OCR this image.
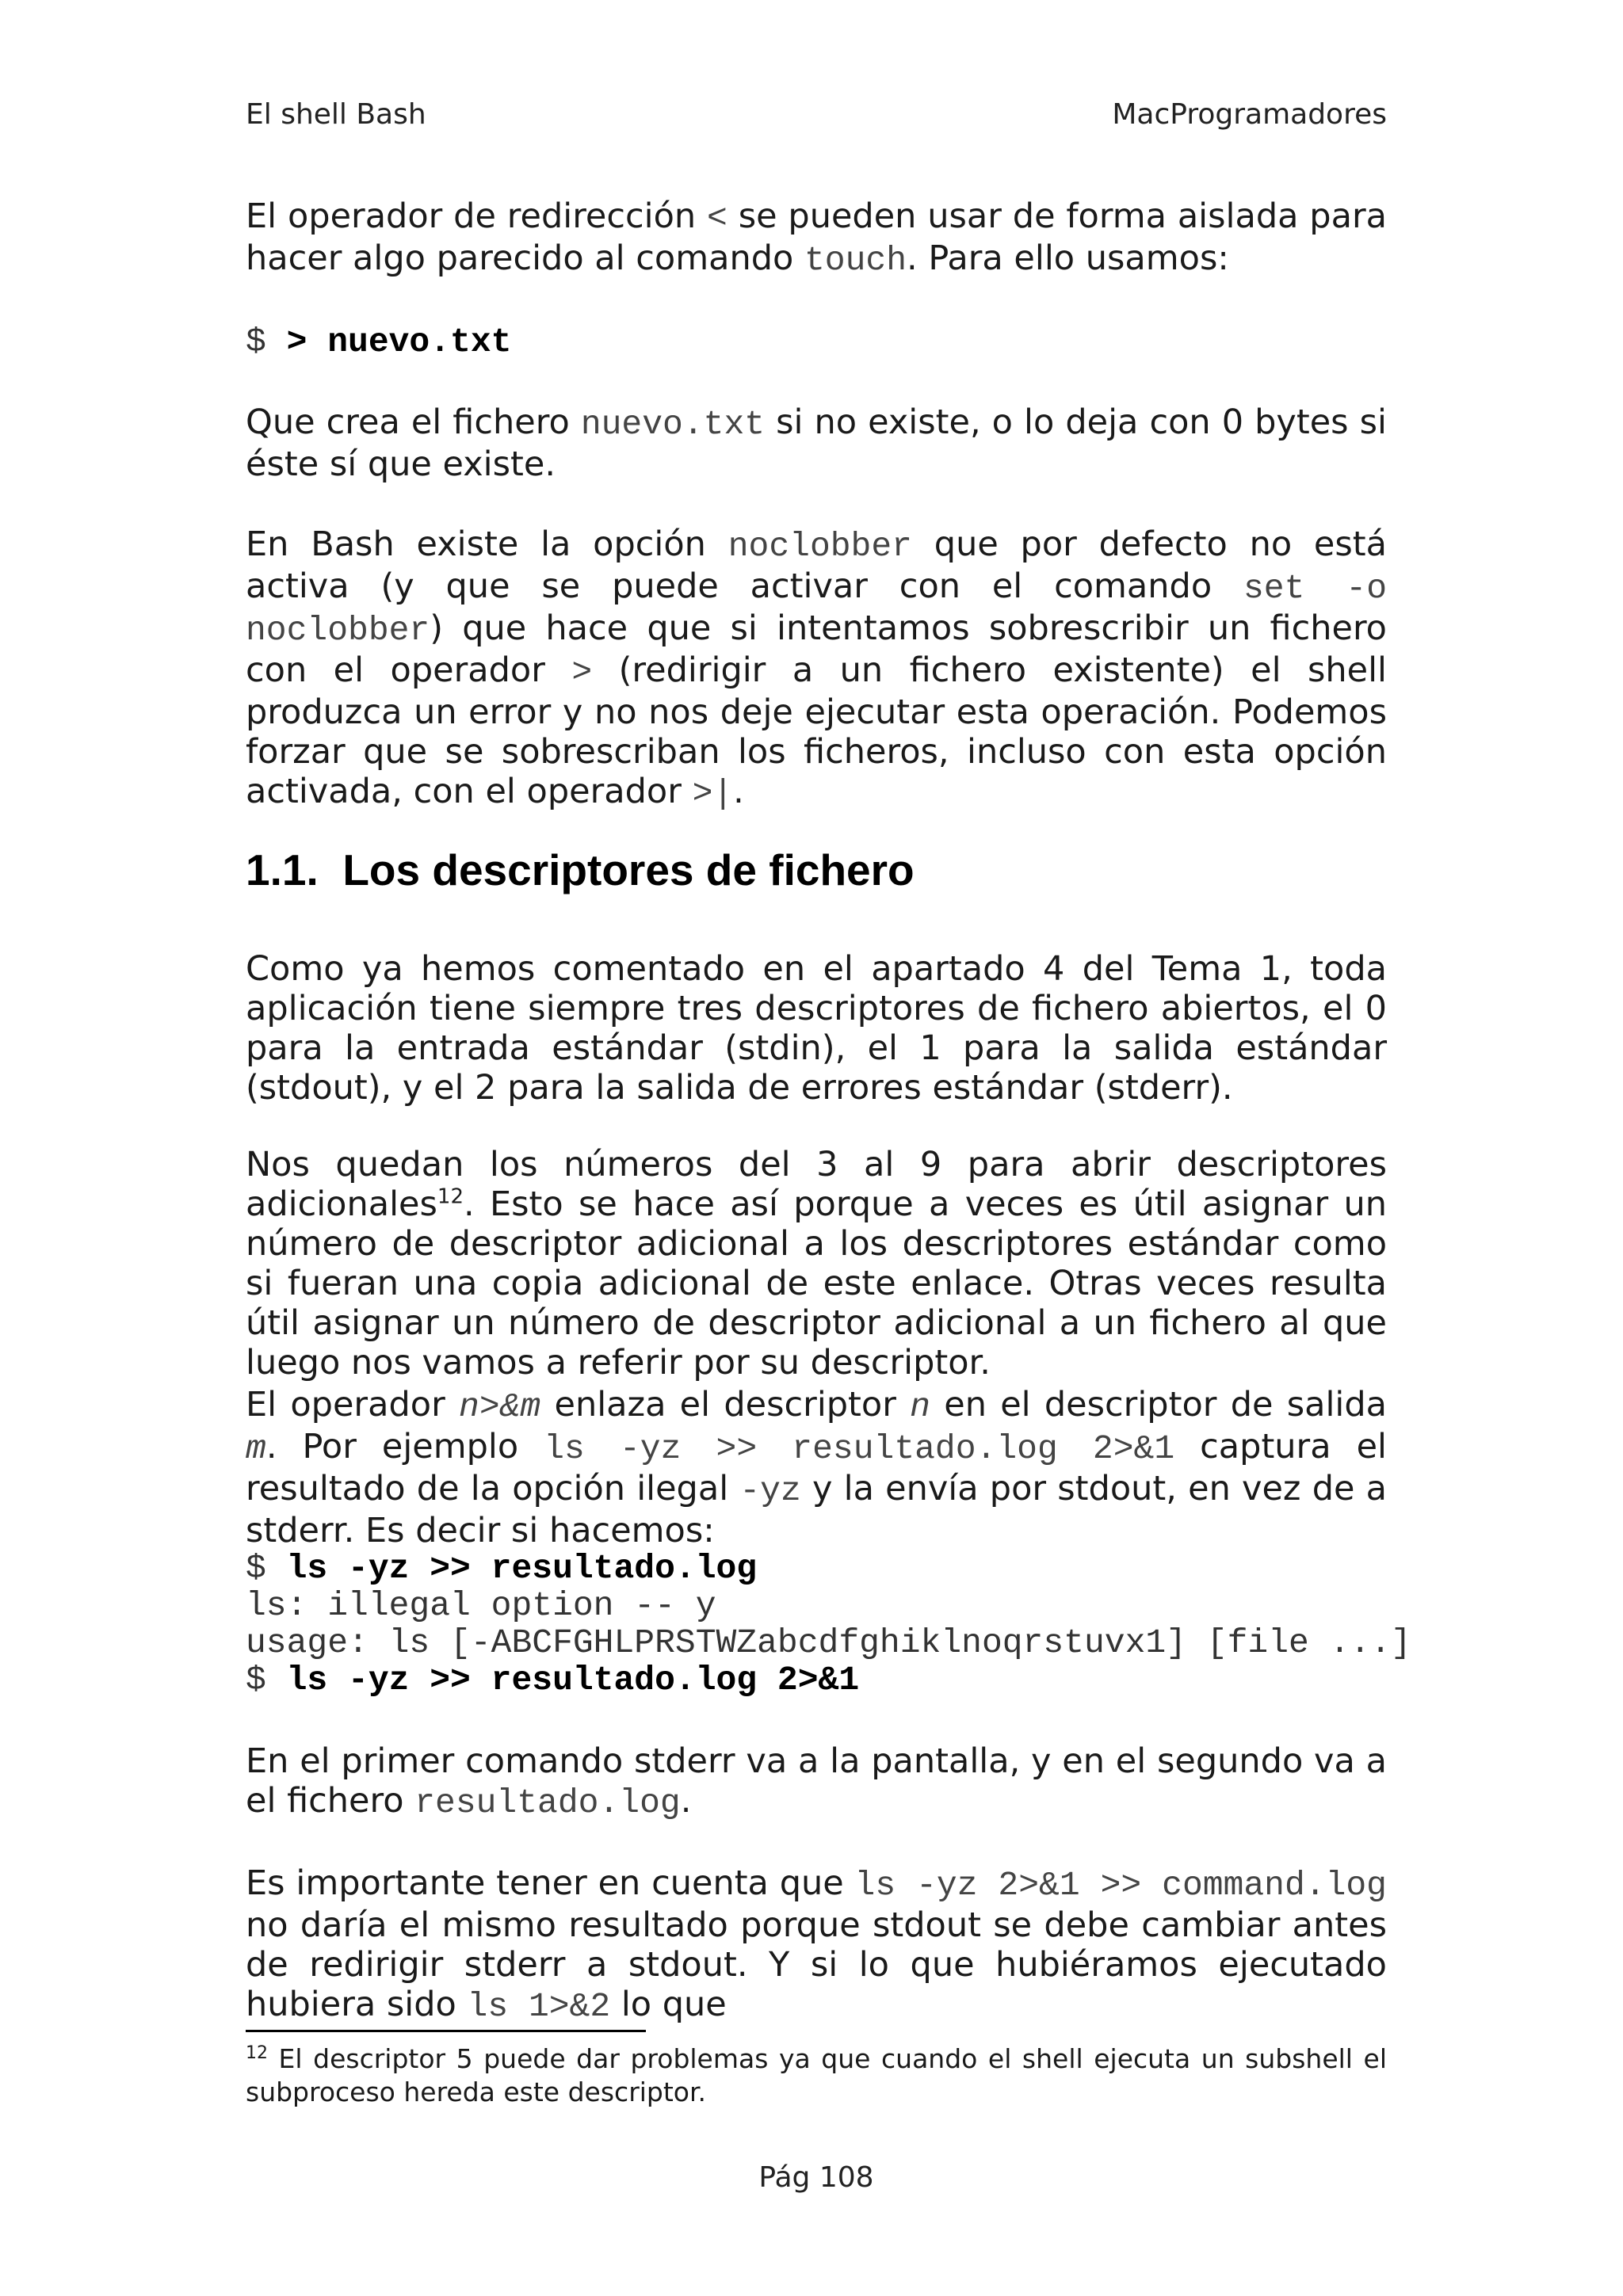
El shell Bash	MacProgramadores

El operador de redirección < se pueden usar de forma aislada para hacer algo parecido al comando touch. Para ello usamos:

$ > nuevo.txt

Que crea el fichero nuevo.txt si no existe, o lo deja con 0 bytes si éste sí que existe.

En Bash existe la opción noclobber que por defecto no está activa (y que se puede activar con el comando set -o noclobber) que hace que si intentamos sobrescribir un fichero con el operador > (redirigir a un fichero existente) el shell produzca un error y no nos deje ejecutar esta operación. Podemos forzar que se sobrescriban los ficheros, incluso con esta opción activada, con el operador >|.

1.1. Los descriptores de fichero

Como ya hemos comentado en el apartado 4 del Tema 1, toda aplicación tiene siempre tres descriptores de fichero abiertos, el 0 para la entrada estándar (stdin), el 1 para la salida estándar (stdout), y el 2 para la salida de errores estándar (stderr).

Nos quedan los números del 3 al 9 para abrir descriptores adicionales$^{12}$. Esto se hace así porque a veces es útil asignar un número de descriptor adicional a los descriptores estándar como si fueran una copia adicional de este enlace. Otras veces resulta útil asignar un número de descriptor adicional a un fichero al que luego nos vamos a referir por su descriptor.

El operador n>&m enlaza el descriptor n en el descriptor de salida m. Por ejemplo ls -yz >> resultado.log 2>&1 captura el resultado de la opción ilegal -yz y la envía por stdout, en vez de a stderr. Es decir si hacemos:

$ ls -yz >> resultado.log
ls: illegal option -- y
usage: ls [-ABCFGHLPRSTWZabcdfghiklnoqrstuvx1] [file ...]
$ ls -yz >> resultado.log 2>&1

En el primer comando stderr va a la pantalla, y en el segundo va a el fichero resultado.log.

Es importante tener en cuenta que ls -yz 2>&1 >> command.log no daría el mismo resultado porque stdout se debe cambiar antes de redirigir stderr a stdout. Y si lo que hubiéramos ejecutado hubiera sido ls 1>&2 lo que

$^{12}$ El descriptor 5 puede dar problemas ya que cuando el shell ejecuta un subshell el subproceso hereda este descriptor.

Pág 108
